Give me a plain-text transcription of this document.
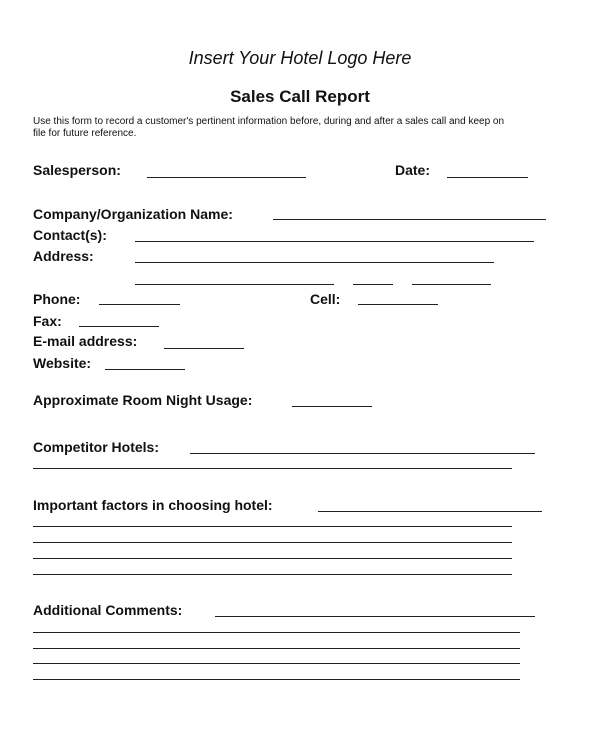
Insert Your Hotel Logo Here
Sales Call Report
Use this form to record a customer's pertinent information before, during and after a sales call and keep on
file for future reference.
Salesperson:	Date:
Company/Organization Name:
Contact(s):
Address:
Phone:	Cell:
Fax:
E-mail address:
Website:
Approximate Room Night Usage:
Competitor Hotels:
Important factors in choosing hotel:
Additional Comments:
